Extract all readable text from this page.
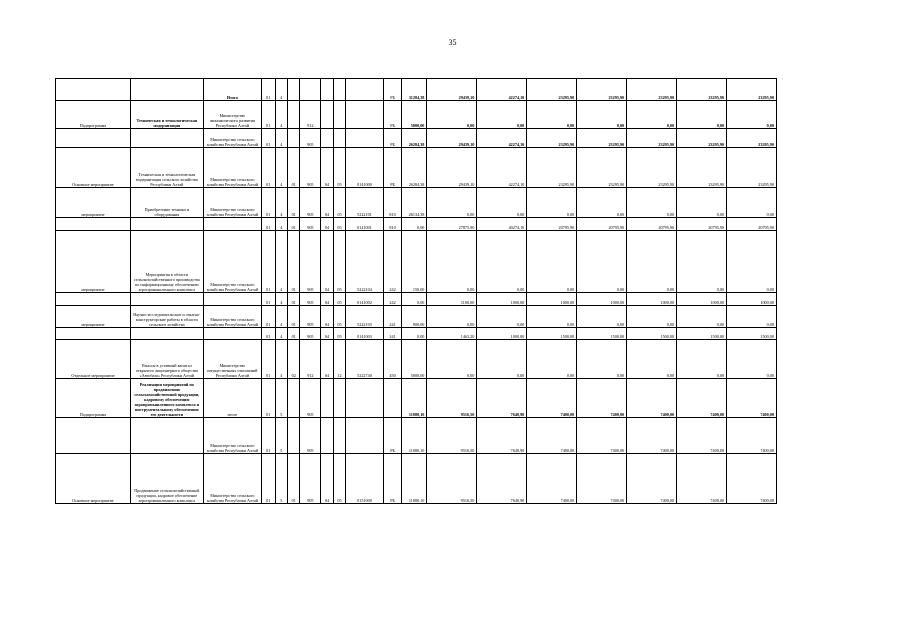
35
		Итого	01	4						РБ	31284,38	29439,10	42274,10	23295,90	23295,90	23295,90	23295,90	23295,90
Подпрограмма	Техническая и технологическая модернизация	Министерство экономического развития Республики Алтай	01	4		912				РБ	5000,00	0,00	0,00	0,00	0,00	0,00	0,00	0,00
		Министерство сельского хозяйства Республики Алтай	01	4		905				РБ	26284,38	29439,10	42274,10	23295,90	23295,90	23295,90	23295,90	23295,90
Основное мероприятие	Техническая и технологическая модернизация сельского хозяйства Республики Алтай	Министерство сельского хозяйства Республики Алтай	01	4	01	905	04	05	0141000	РБ	26284,38	29439,10	42274,10	23295,90	23295,90	23295,90	23295,90	23295,90
мероприятие	Приобретение техники и оборудования	Министерство сельского хозяйства Республики Алтай	01	4	01	905	04	05	5222101	810	26134,38	0,00	0,00	0,00	0,00	0,00	0,00	0,00
			01	4	01	905	04	05	0141001	810	0,00	27875,90	40274,10	20795,90	20795,90	20795,90	20795,90	20795,90
мероприятие	Мероприятия в области сельскохозяйственного производства по информационному обеспечению агропромышленного комплекса	Министерство сельского хозяйства Республики Алтай	01	4	01	905	04	05	5222104	242	150,00	0,00	0,00	0,00	0,00	0,00	0,00	0,00
			01	4	01	905	04	05	0141002	242	0,00	1100,00	1000,00	1000,00	1000,00	1000,00	1000,00	1000,00
мероприятие	Научно-исследовательские и опытно-конструкторские работы в области сельского хозяйства	Министерство сельского хозяйства Республики Алтай	01	4	01	905	04	05	5222103	241	900,00	0,00	0,00	0,00	0,00	0,00	0,00	0,00
			01	4	01	905	04	05	0141003	241	0,00	1463,20	1000,00	1500,00	1500,00	1500,00	1500,00	1500,00
Отдельное мероприятие	Взносы в уставный капитал открытого акционерного общества «Автобаза» Республики Алтай	Министерство имущественных отношений Республики Алтай	01	4	02	912	04	12	5222740	450	5000,00	0,00	0,00	0,00	0,00	0,00	0,00	0,00
Подпрограмма	Реализация мероприятий по продвижению сельскохозяйственной продукции, кадровому обеспечению агропромышленного комплекса и инструментальному обеспечению его деятельности	итого	01	5		905					11080,10	9516,50	7640,90	7400,00	7400,00	7400,00	7400,00	7400,00
		Министерство сельского хозяйства Республики Алтай	01	5		905				РБ	11080,10	9516,50	7640,90	7400,00	7400,00	7400,00	7400,00	7400,00
Основное мероприятие	Продвижение сельскохозяйственной продукции, кадровое обеспечение агропромышленного комплекса	Министерство сельского хозяйства Республики Алтай	01	5	01	905	04	05	0151000	РБ	11080,10	9516,50	7640,90	7400,00	7400,00	7400,00	7400,00	7400,00
